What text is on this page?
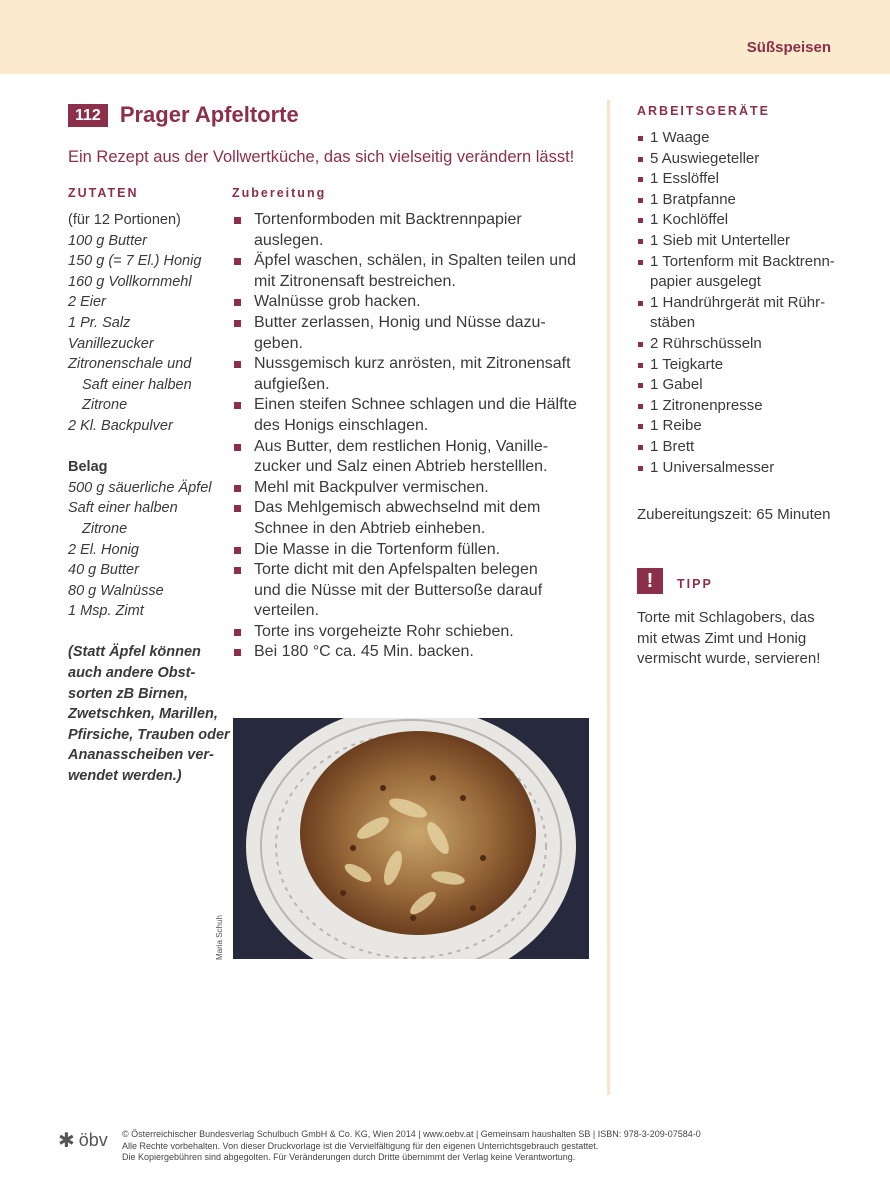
Süßspeisen
112 Prager Apfeltorte
Ein Rezept aus der Vollwertküche, das sich vielseitig verändern lässt!
ZUTATEN	Zubereitung
(für 12 Portionen)
100 g Butter
150 g (= 7 El.) Honig
160 g Vollkornmehl
2 Eier
1 Pr. Salz
Vanillezucker
Zitronenschale und
Saft einer halben
Zitrone
2 Kl. Backpulver
Belag
500 g säuerliche Äpfel
Saft einer halben
Zitrone
2 El. Honig
40 g Butter
80 g Walnüsse
1 Msp. Zimt
(Statt Äpfel können
auch andere Obst-
sorten zB Birnen,
Zwetschken, Marillen,
Pfirsiche, Trauben oder
Ananasscheiben ver-
wendet werden.)
Tortenformboden mit Backtrennpapier
auslegen.
Äpfel waschen, schälen, in Spalten teilen und
mit Zitronensaft bestreichen.
Walnüsse grob hacken.
Butter zerlassen, Honig und Nüsse dazu-
geben.
Nussgemisch kurz anrösten, mit Zitronensaft
aufgießen.
Einen steifen Schnee schlagen und die Hälfte
des Honigs einschlagen.
Aus Butter, dem restlichen Honig, Vanille-
zucker und Salz einen Abtrieb herstelllen.
Mehl mit Backpulver vermischen.
Das Mehlgemisch abwechselnd mit dem
Schnee in den Abtrieb einheben.
Die Masse in die Tortenform füllen.
Torte dicht mit den Apfelspalten belegen
und die Nüsse mit der Buttersoße darauf
verteilen.
Torte ins vorgeheizte Rohr schieben.
Bei 180 °C ca. 45 Min. backen.
Maria Schuh
ARBEITSGERÄTE
1 Waage
5 Auswiegeteller
1 Esslöffel
1 Bratpfanne
1 Kochlöffel
1 Sieb mit Unterteller
1 Tortenform mit Backtrenn-
papier ausgelegt
1 Handrührgerät mit Rühr-
stäben
2 Rührschüsseln
1 Teigkarte
1 Gabel
1 Zitronenpresse
1 Reibe
1 Brett
1 Universalmesser
Zubereitungszeit: 65 Minuten
!	TIPP
Torte mit Schlagobers, das
mit etwas Zimt und Honig
vermischt wurde, servieren!
✱ öbv © Österreichischer Bundesverlag Schulbuch GmbH & Co. KG, Wien 2014 | www.oebv.at | Gemeinsam haushalten SB | ISBN: 978-3-209-07584-0
Alle Rechte vorbehalten. Von dieser Druckvorlage ist die Vervielfältigung für den eigenen Unterrichtsgebrauch gestattet.
Die Kopiergebühren sind abgegolten. Für Veränderungen durch Dritte übernimmt der Verlag keine Verantwortung.
